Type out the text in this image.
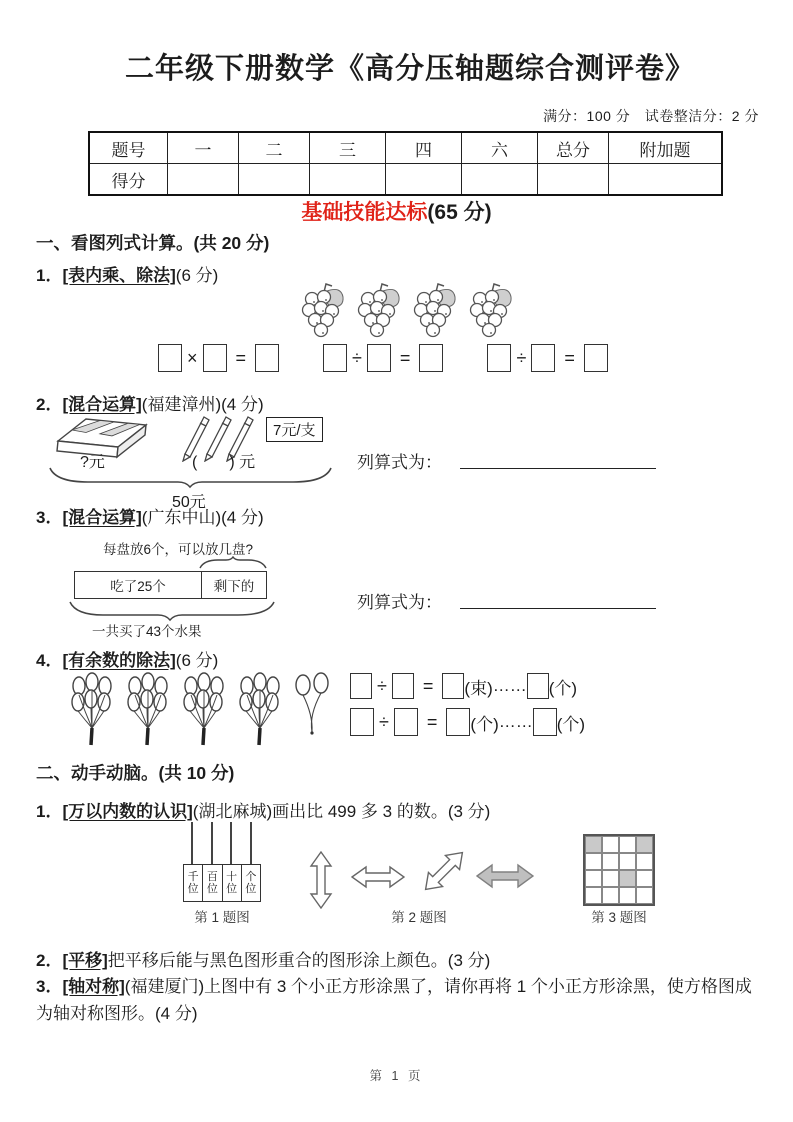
二年级下册数学《高分压轴题综合测评卷》
满分：100 分　试卷整洁分：2 分
题号	一	二	三	四	六	总分	附加题
得分							
基础技能达标(65 分)
一、看图列式计算。(共 20 分)
1．[表内乘、除法](6 分)
× =	÷ =	÷ =
2．[混合运算](福建漳州)(4 分)
7元/支
?元	(　　) 元
50元
列算式为：
3．[混合运算](广东中山)(4 分)
每盘放6个，可以放几盘?
吃了25个	剩下的
一共买了43个水果
列算式为：
4．[有余数的除法](6 分)
÷ = (束) …… (个)
÷ = (个) …… (个)
二、动手动脑。(共 10 分)
1．[万以内数的认识](湖北麻城)画出比 499 多 3 的数。(3 分)
千位
百位
十位
个位
第 1 题图	第 2 题图	第 3 题图
2．[平移]把平移后能与黑色图形重合的图形涂上颜色。(3 分)
3．[轴对称](福建厦门)上图中有 3 个小正方形涂黑了，请你再将 1 个小正方形涂黑，使方格图成为轴对称图形。(4 分)
第 1 页
